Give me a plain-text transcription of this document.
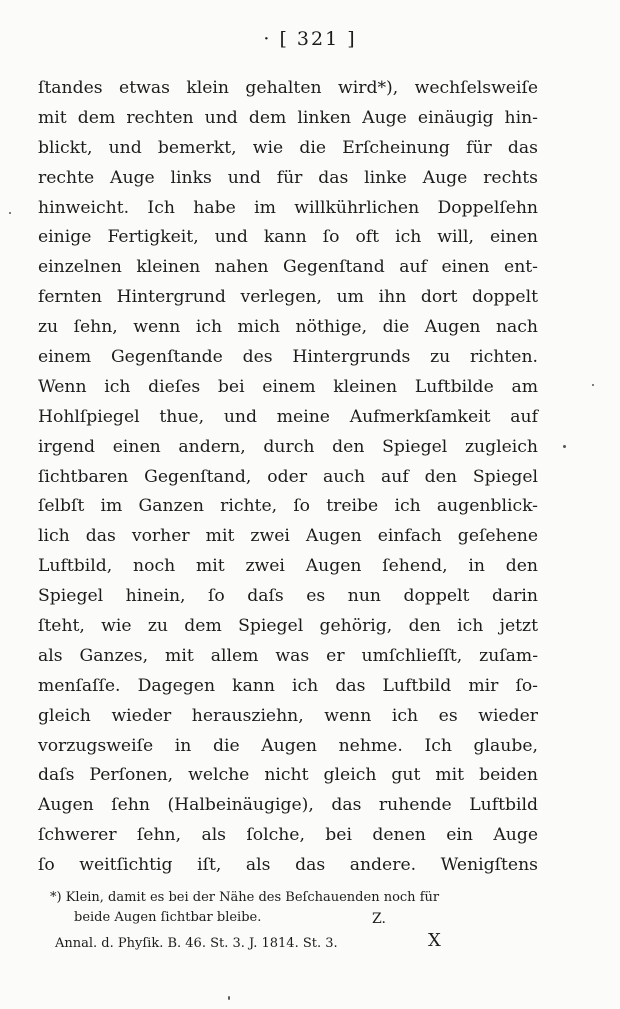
· [ 321 ]
ſtandes etwas klein gehalten wird*), wechſelsweiſe
mit dem rechten und dem linken Auge einäugig hin-
blickt, und bemerkt, wie die Erſcheinung für das
rechte Auge links und für das linke Auge rechts
hinweicht. Ich habe im willkührlichen Doppelſehn
einige Fertigkeit, und kann ſo oft ich will, einen
einzelnen kleinen nahen Gegenſtand auf einen ent-
fernten Hintergrund verlegen, um ihn dort doppelt
zu ſehn, wenn ich mich nöthige, die Augen nach
einem Gegenſtande des Hintergrunds zu richten.
Wenn ich dieſes bei einem kleinen Luftbilde am
Hohlſpiegel thue, und meine Aufmerkſamkeit auf
irgend einen andern, durch den Spiegel zugleich
ſichtbaren Gegenſtand, oder auch auf den Spiegel
ſelbſt im Ganzen richte, ſo treibe ich augenblick-
lich das vorher mit zwei Augen einfach geſehene
Luftbild, noch mit zwei Augen ſehend, in den
Spiegel hinein, ſo daſs es nun doppelt darin
ſteht, wie zu dem Spiegel gehörig, den ich jetzt
als Ganzes, mit allem was er umſchlieſſt, zuſam-
menſaſſe. Dagegen kann ich das Luftbild mir ſo-
gleich wieder herausziehn, wenn ich es wieder
vorzugsweiſe in die Augen nehme. Ich glaube,
daſs Perſonen, welche nicht gleich gut mit beiden
Augen ſehn (Halbeinäugige), das ruhende Luftbild
ſchwerer ſehn, als ſolche, bei denen ein Auge
ſo weitſichtig iſt, als das andere. Wenigſtens
*) Klein, damit es bei der Nähe des Beſchauenden noch für
beide Augen ſichtbar bleibe.	Z.
Annal. d. Phyſik. B. 46. St. 3. J. 1814. St. 3.	X
